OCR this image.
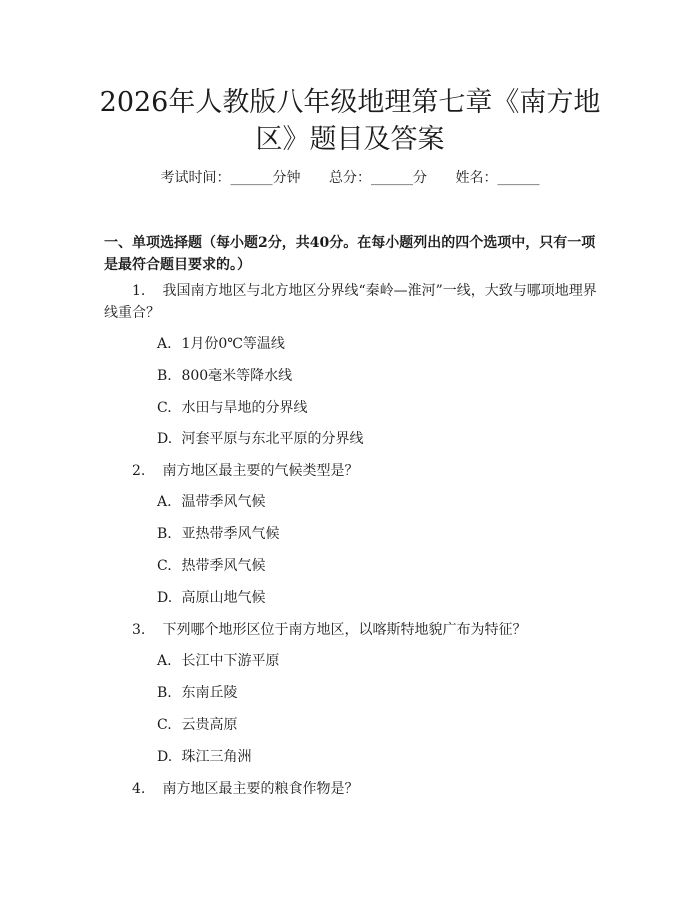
2026年人教版八年级地理第七章《南方地区》题目及答案
考试时间：______分钟 总分：______分 姓名：______

一、单项选择题（每小题2分，共40分。在每小题列出的四个选项中，只有一项是最符合题目要求的。）

1. 我国南方地区与北方地区分界线“秦岭—淮河”一线，大致与哪项地理界线重合？
A. 1月份0℃等温线
B. 800毫米等降水线
C. 水田与旱地的分界线
D. 河套平原与东北平原的分界线
2. 南方地区最主要的气候类型是？
A. 温带季风气候
B. 亚热带季风气候
C. 热带季风气候
D. 高原山地气候
3. 下列哪个地形区位于南方地区，以喀斯特地貌广布为特征？
A. 长江中下游平原
B. 东南丘陵
C. 云贵高原
D. 珠江三角洲
4. 南方地区最主要的粮食作物是？
